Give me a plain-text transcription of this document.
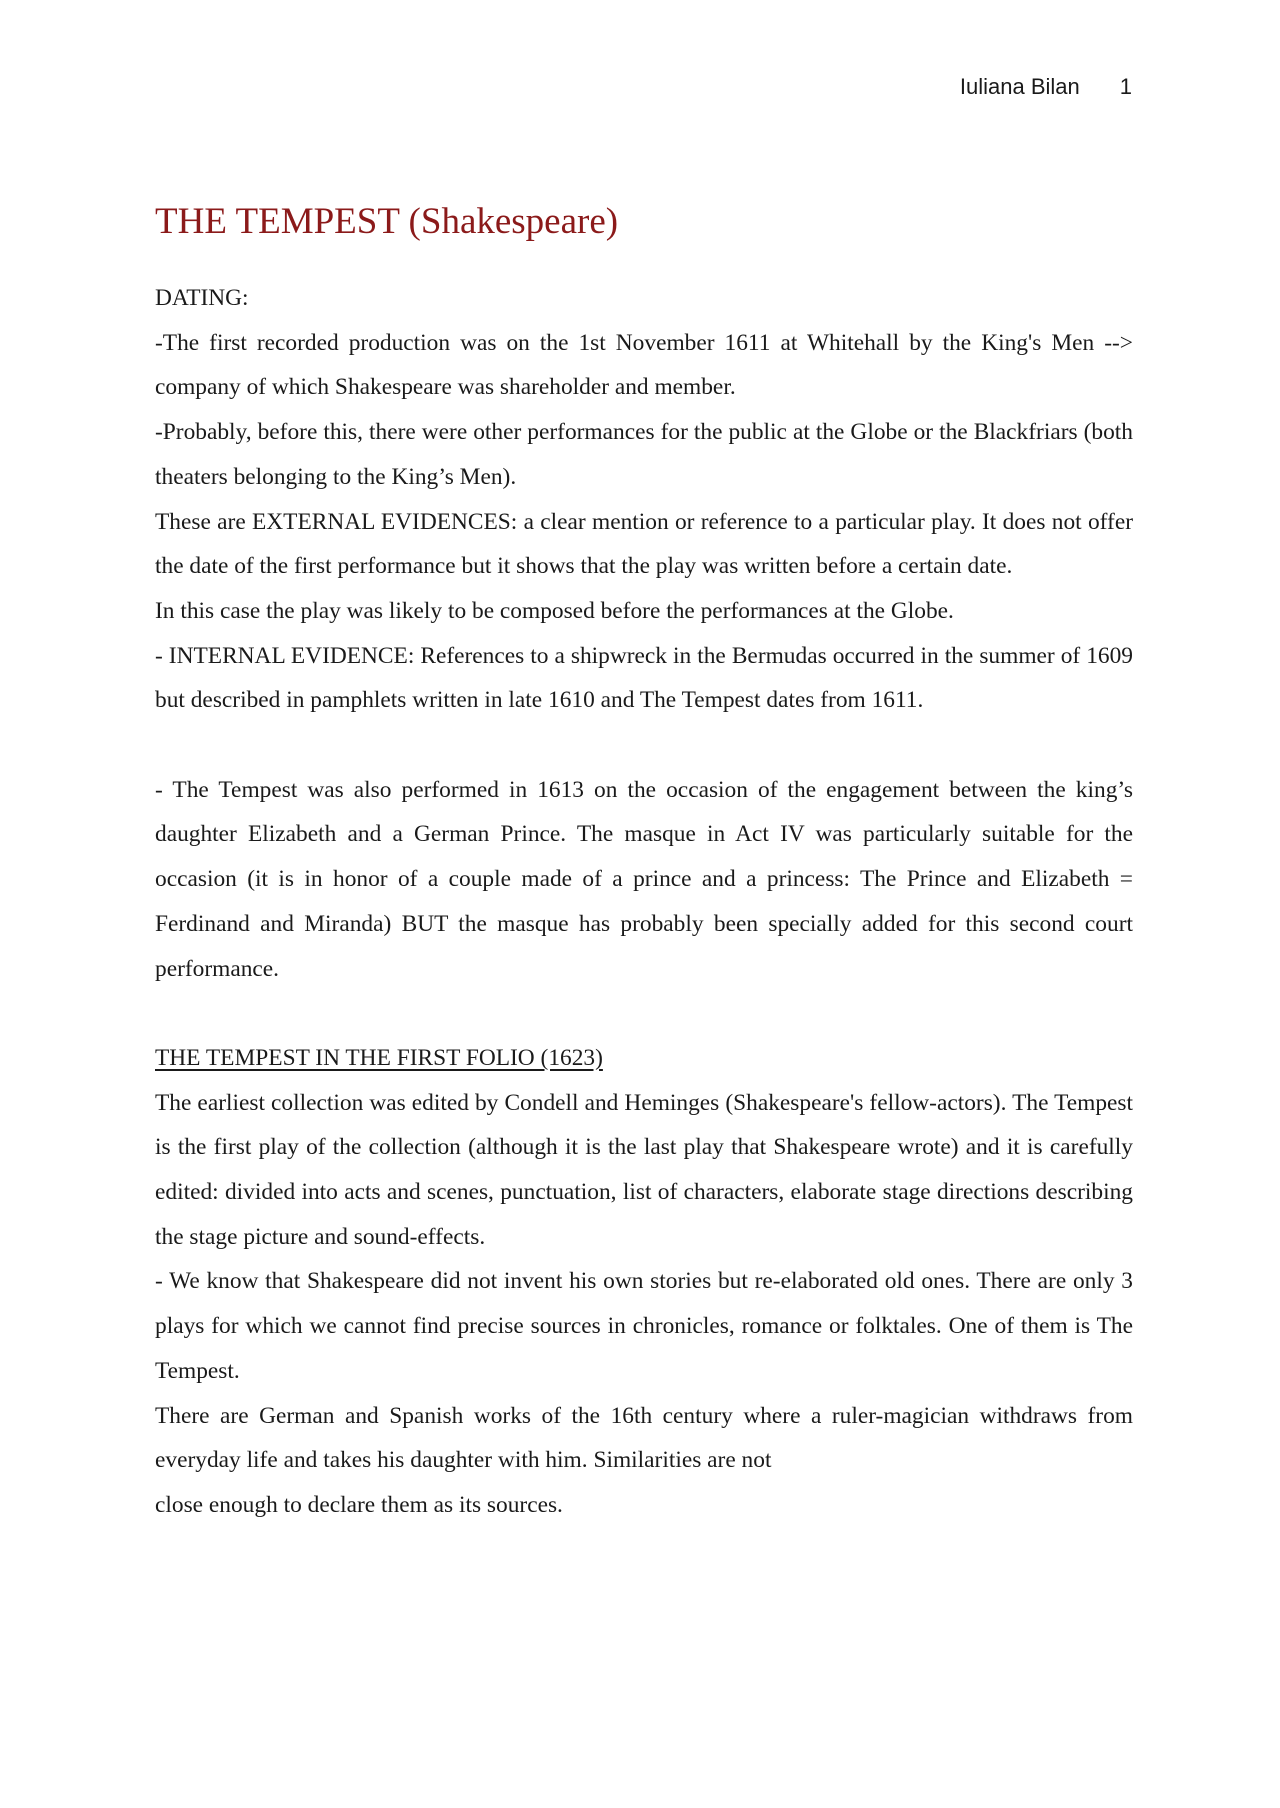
Iuliana Bilan 1
THE TEMPEST (Shakespeare)

DATING:

-The first recorded production was on the 1st November 1611 at Whitehall by the King's Men --> company of which Shakespeare was shareholder and member.

-Probably, before this, there were other performances for the public at the Globe or the Blackfriars (both theaters belonging to the King’s Men).

These are EXTERNAL EVIDENCES: a clear mention or reference to a particular play. It does not offer the date of the first performance but it shows that the play was written before a certain date.

In this case the play was likely to be composed before the performances at the Globe.

- INTERNAL EVIDENCE: References to a shipwreck in the Bermudas occurred in the summer of 1609 but described in pamphlets written in late 1610 and The Tempest dates from 1611.

- The Tempest was also performed in 1613 on the occasion of the engagement between the king’s daughter Elizabeth and a German Prince. The masque in Act IV was particularly suitable for the occasion (it is in honor of a couple made of a prince and a princess: The Prince and Elizabeth = Ferdinand and Miranda) BUT the masque has probably been specially added for this second court performance.

THE TEMPEST IN THE FIRST FOLIO (1623)

The earliest collection was edited by Condell and Heminges (Shakespeare's fellow-actors). The Tempest is the first play of the collection (although it is the last play that Shakespeare wrote) and it is carefully edited: divided into acts and scenes, punctuation, list of characters, elaborate stage directions describing the stage picture and sound-effects.

- We know that Shakespeare did not invent his own stories but re-elaborated old ones. There are only 3 plays for which we cannot find precise sources in chronicles, romance or folktales. One of them is The Tempest.

There are German and Spanish works of the 16th century where a ruler-magician withdraws from everyday life and takes his daughter with him. Similarities are not

close enough to declare them as its sources.
